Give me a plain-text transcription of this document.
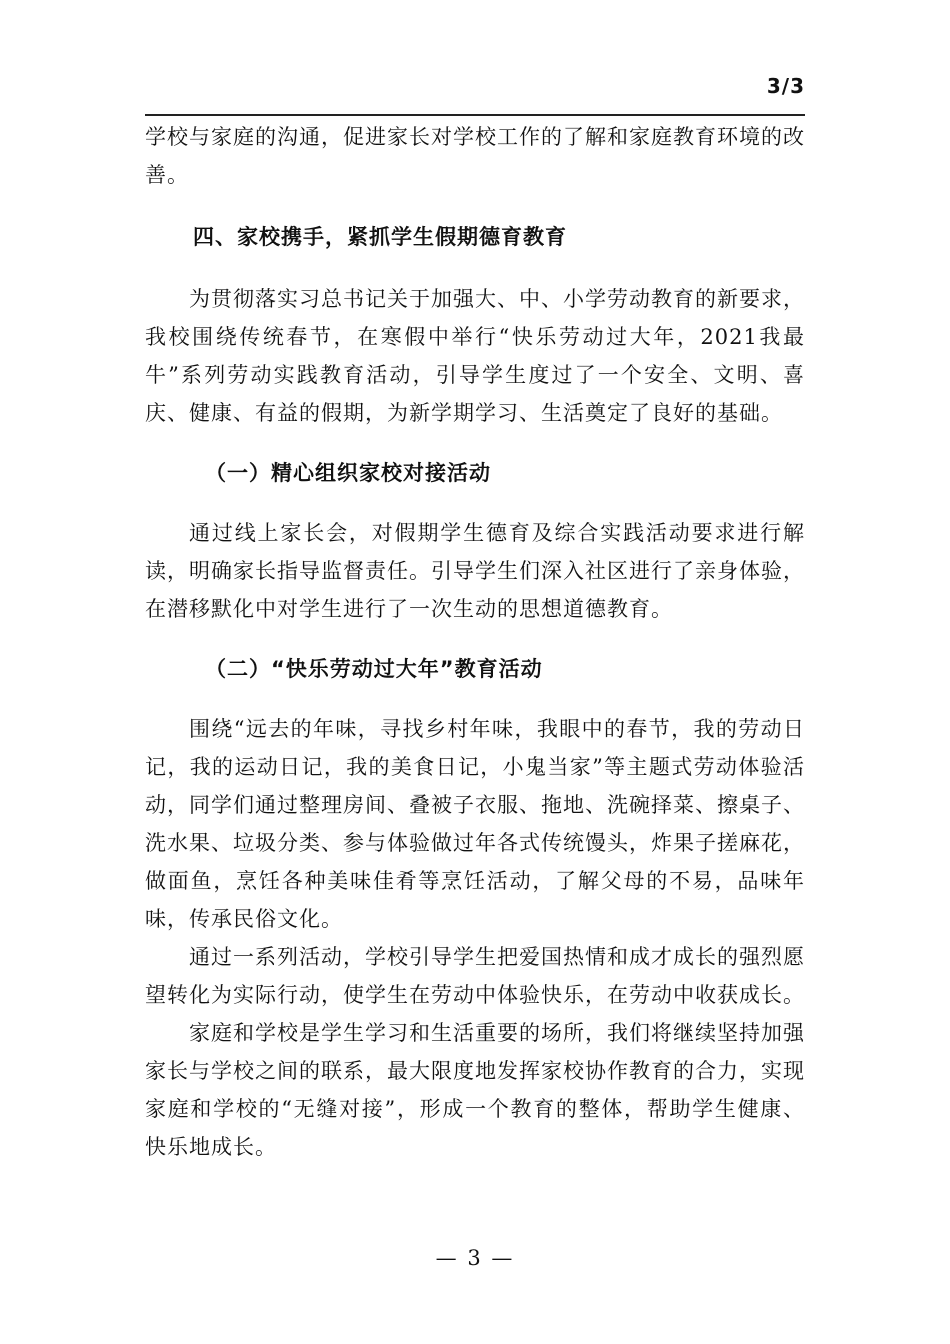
3/3

学校与家庭的沟通，促进家长对学校工作的了解和家庭教育环境的改善。

四、家校携手，紧抓学生假期德育教育

为贯彻落实习总书记关于加强大、中、小学劳动教育的新要求，我校围绕传统春节，在寒假中举行“快乐劳动过大年，2021我最牛”系列劳动实践教育活动，引导学生度过了一个安全、文明、喜庆、健康、有益的假期，为新学期学习、生活奠定了良好的基础。

（一）精心组织家校对接活动

通过线上家长会，对假期学生德育及综合实践活动要求进行解读，明确家长指导监督责任。引导学生们深入社区进行了亲身体验，在潜移默化中对学生进行了一次生动的思想道德教育。

（二）“快乐劳动过大年”教育活动

围绕“远去的年味，寻找乡村年味，我眼中的春节，我的劳动日记，我的运动日记，我的美食日记，小鬼当家”等主题式劳动体验活动，同学们通过整理房间、叠被子衣服、拖地、洗碗择菜、擦桌子、洗水果、垃圾分类、参与体验做过年各式传统馒头，炸果子搓麻花，做面鱼，烹饪各种美味佳肴等烹饪活动，了解父母的不易，品味年味，传承民俗文化。

通过一系列活动，学校引导学生把爱国热情和成才成长的强烈愿望转化为实际行动，使学生在劳动中体验快乐，在劳动中收获成长。

家庭和学校是学生学习和生活重要的场所，我们将继续坚持加强家长与学校之间的联系，最大限度地发挥家校协作教育的合力，实现家庭和学校的“无缝对接”，形成一个教育的整体，帮助学生健康、快乐地成长。

— 3 —
